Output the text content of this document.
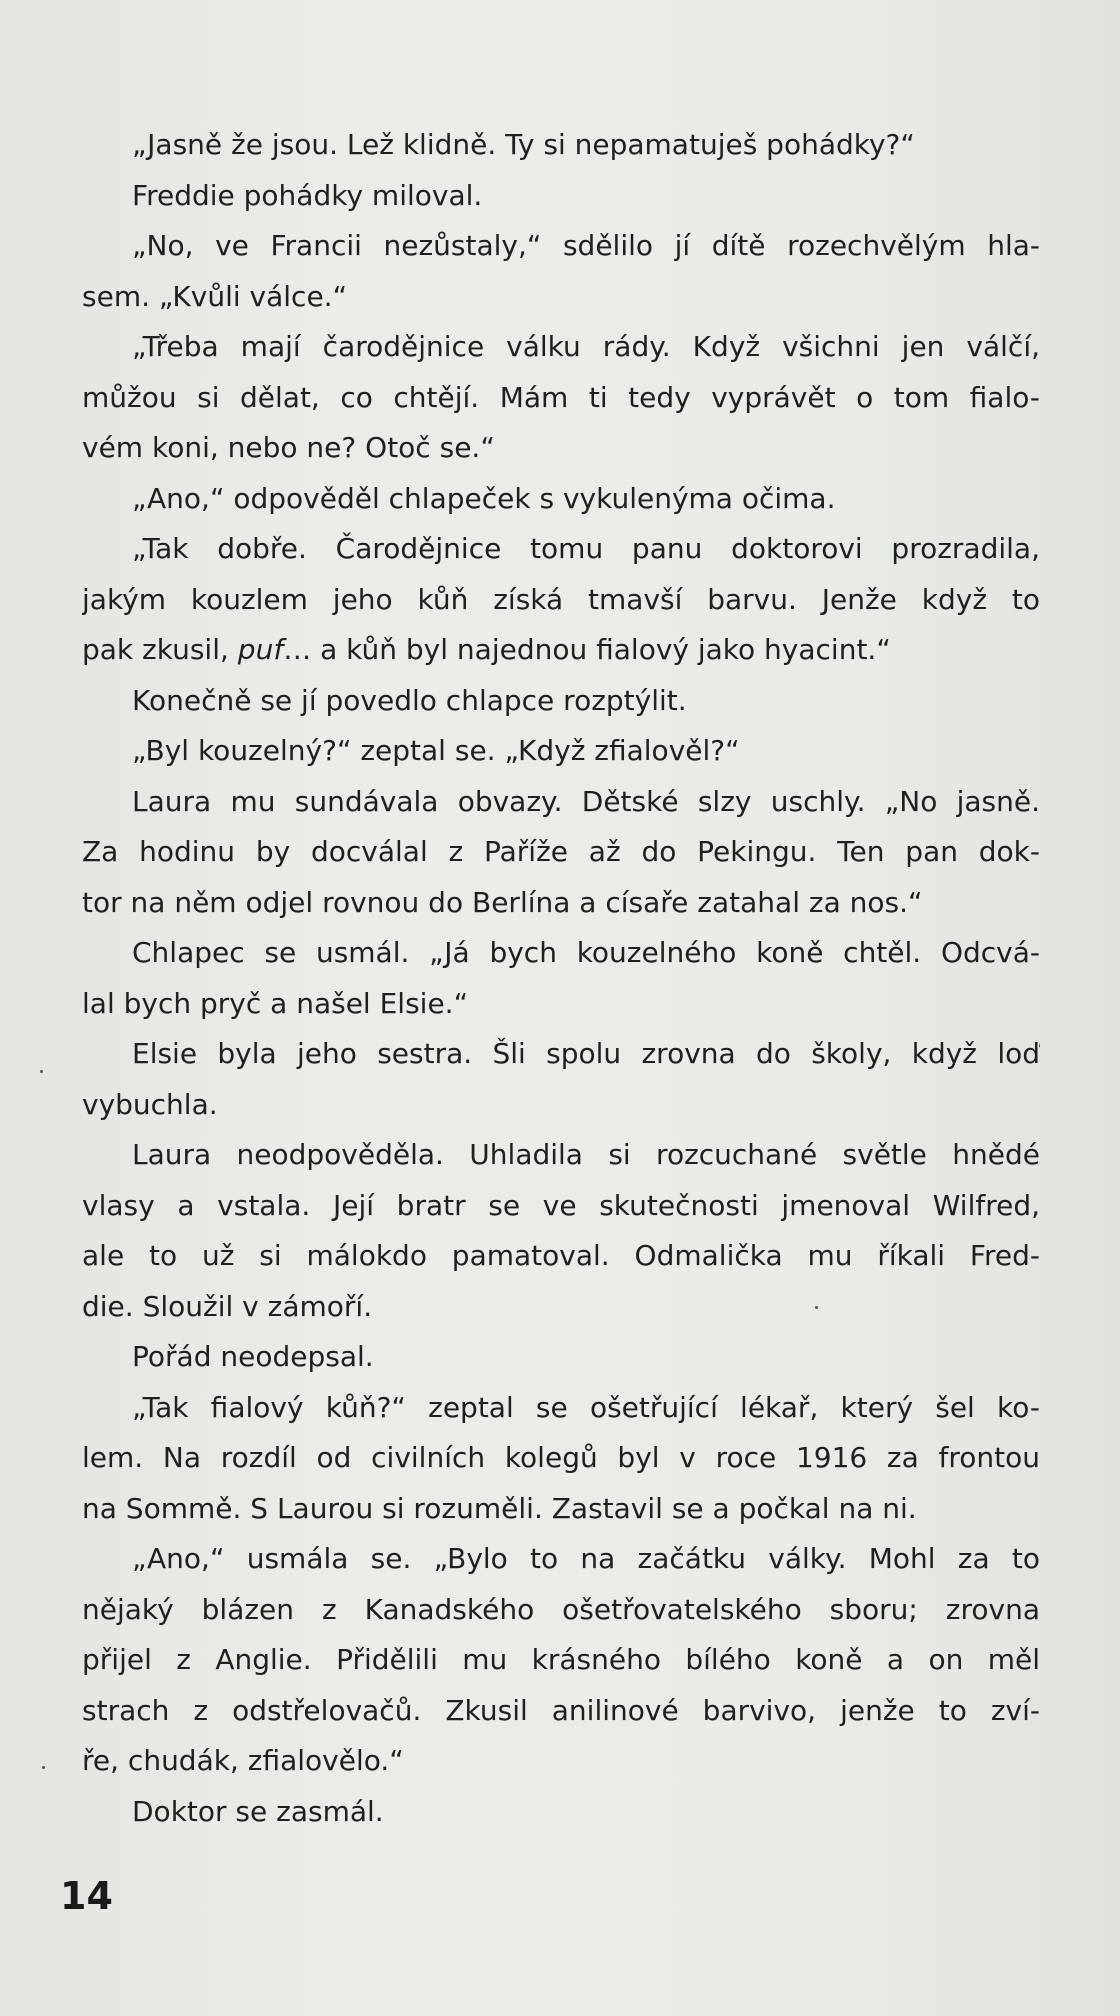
„Jasně že jsou. Lež klidně. Ty si nepamatuješ pohádky?“
Freddie pohádky miloval.
„No, ve Francii nezůstaly,“ sdělilo jí dítě rozechvělým hla-
sem. „Kvůli válce.“
„Třeba mají čarodějnice válku rády. Když všichni jen válčí,
můžou si dělat, co chtějí. Mám ti tedy vyprávět o tom fialo-
vém koni, nebo ne? Otoč se.“
„Ano,“ odpověděl chlapeček s vykulenýma očima.
„Tak dobře. Čarodějnice tomu panu doktorovi prozradila,
jakým kouzlem jeho kůň získá tmavší barvu. Jenže když to
pak zkusil, puf… a kůň byl najednou fialový jako hyacint.“
Konečně se jí povedlo chlapce rozptýlit.
„Byl kouzelný?“ zeptal se. „Když zfialověl?“
Laura mu sundávala obvazy. Dětské slzy uschly. „No jasně.
Za hodinu by docválal z Paříže až do Pekingu. Ten pan dok-
tor na něm odjel rovnou do Berlína a císaře zatahal za nos.“
Chlapec se usmál. „Já bych kouzelného koně chtěl. Odcvá-
lal bych pryč a našel Elsie.“
Elsie byla jeho sestra. Šli spolu zrovna do školy, když loď
vybuchla.
Laura neodpověděla. Uhladila si rozcuchané světle hnědé
vlasy a vstala. Její bratr se ve skutečnosti jmenoval Wilfred,
ale to už si málokdo pamatoval. Odmalička mu říkali Fred-
die. Sloužil v zámoří.
Pořád neodepsal.
„Tak fialový kůň?“ zeptal se ošetřující lékař, který šel ko-
lem. Na rozdíl od civilních kolegů byl v roce 1916 za frontou
na Sommě. S Laurou si rozuměli. Zastavil se a počkal na ni.
„Ano,“ usmála se. „Bylo to na začátku války. Mohl za to
nějaký blázen z Kanadského ošetřovatelského sboru; zrovna
přijel z Anglie. Přidělili mu krásného bílého koně a on měl
strach z odstřelovačů. Zkusil anilinové barvivo, jenže to zví-
ře, chudák, zfialovělo.“
Doktor se zasmál.
14
